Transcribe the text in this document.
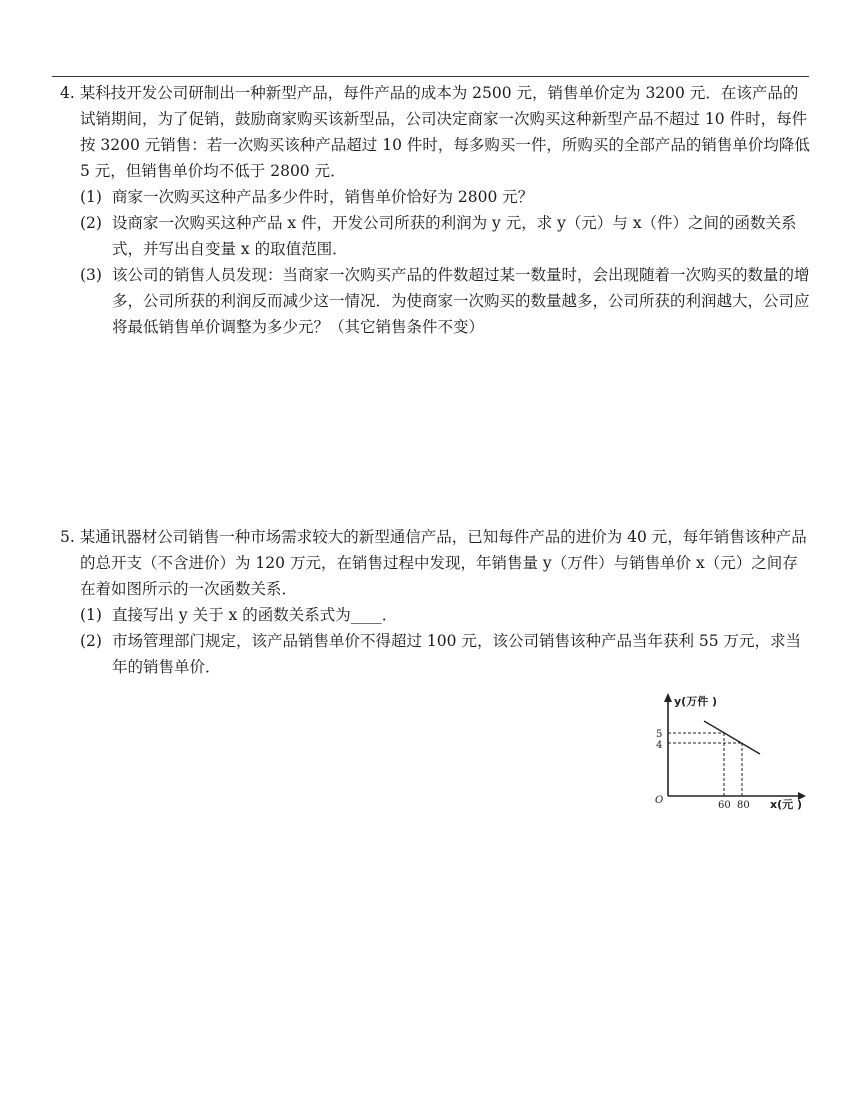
4. 某科技开发公司研制出一种新型产品，每件产品的成本为 2500 元，销售单价定为 3200 元．在该产品的试销期间，为了促销，鼓励商家购买该新型品，公司决定商家一次购买这种新型产品不超过 10 件时，每件按 3200 元销售：若一次购买该种产品超过 10 件时，每多购买一件，所购买的全部产品的销售单价均降低 5 元，但销售单价均不低于 2800 元．

(1) 商家一次购买这种产品多少件时，销售单价恰好为 2800 元？

(2) 设商家一次购买这种产品 x 件，开发公司所获的利润为 y 元，求 y（元）与 x（件）之间的函数关系式，并写出自变量 x 的取值范围．

(3) 该公司的销售人员发现：当商家一次购买产品的件数超过某一数量时，会出现随着一次购买的数量的增多，公司所获的利润反而减少这一情况．为使商家一次购买的数量越多，公司所获的利润越大，公司应将最低销售单价调整为多少元？（其它销售条件不变）

5. 某通讯器材公司销售一种市场需求较大的新型通信产品，已知每件产品的进价为 40 元，每年销售该种产品的总开支（不含进价）为 120 万元，在销售过程中发现，年销售量 y（万件）与销售单价 x（元）之间存在着如图所示的一次函数关系．

(1) 直接写出 y 关于 x 的函数关系式为____．

(2) 市场管理部门规定，该产品销售单价不得超过 100 元，该公司销售该种产品当年获利 55 万元，求当年的销售单价．

y(万件 )
5
4
O	60 80 x(元 )
